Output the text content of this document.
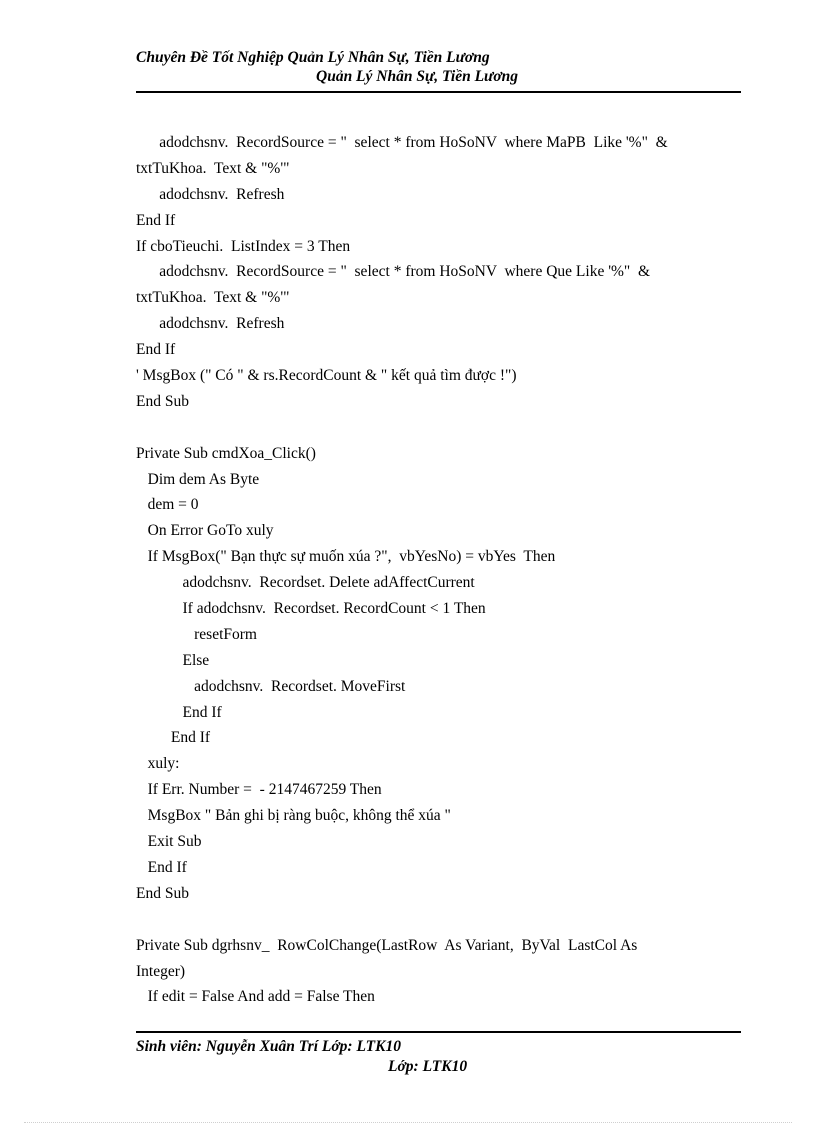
Chuyên Đề Tốt Nghiệp Quản Lý Nhân Sự, Tiền Lương
Quản Lý Nhân Sự, Tiền Lương
adodchsnv.  RecordSource = "  select * from HoSoNV  where MaPB  Like '%"  &
txtTuKhoa.  Text & "%'"
adodchsnv.  Refresh
End If
If cboTieuchi.  ListIndex = 3 Then
adodchsnv.  RecordSource = "  select * from HoSoNV  where Que Like '%"  &
txtTuKhoa.  Text & "%'"
adodchsnv.  Refresh
End If
' MsgBox (" Có " & rs.RecordCount & " kết quả tìm được !")
End Sub
Private Sub cmdXoa_Click()
Dim dem As Byte
dem = 0
On Error GoTo xuly
If MsgBox(" Bạn thực sự muốn xúa ?",  vbYesNo) = vbYes  Then
adodchsnv.  Recordset. Delete adAffectCurrent
If adodchsnv.  Recordset. RecordCount < 1 Then
resetForm
Else
adodchsnv.  Recordset. MoveFirst
End If
End If
xuly:
If Err. Number =  - 2147467259 Then
MsgBox " Bản ghi bị ràng buộc, không thể xúa "
Exit Sub
End If
End Sub
Private Sub dgrhsnv_  RowColChange(LastRow  As Variant,  ByVal  LastCol As
Integer)
If edit = False And add = False Then
Sinh viên: Nguyễn Xuân Trí Lớp: LTK10
Lớp: LTK10
